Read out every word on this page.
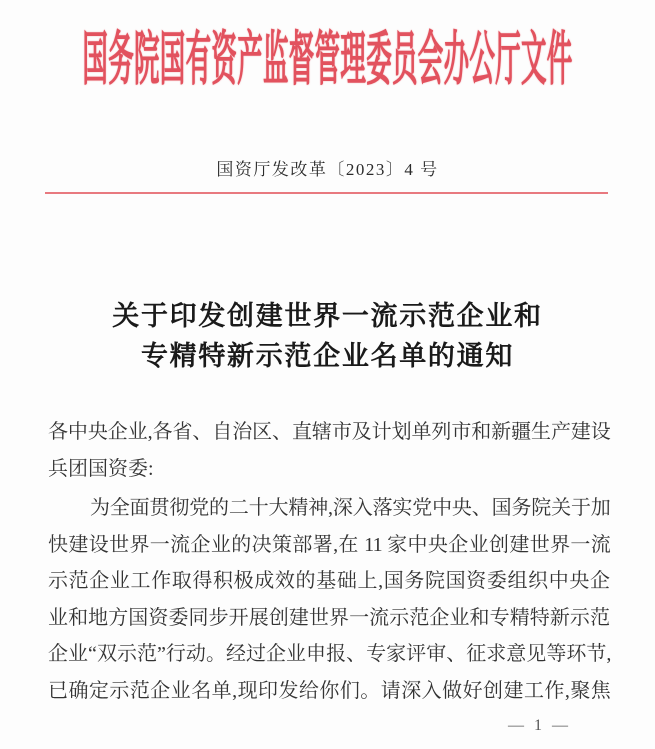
国务院国有资产监督管理委员会办公厅文件
国资厅发改革〔2023〕4 号
关于印发创建世界一流示范企业和
专精特新示范企业名单的通知
各中央企业,各省、自治区、直辖市及计划单列市和新疆生产建设
兵团国资委:
为全面贯彻党的二十大精神,深入落实党中央、国务院关于加
快建设世界一流企业的决策部署,在 11 家中央企业创建世界一流
示范企业工作取得积极成效的基础上,国务院国资委组织中央企
业和地方国资委同步开展创建世界一流示范企业和专精特新示范
企业“双示范”行动。经过企业申报、专家评审、征求意见等环节,
已确定示范企业名单,现印发给你们。请深入做好创建工作,聚焦
— 1 —
